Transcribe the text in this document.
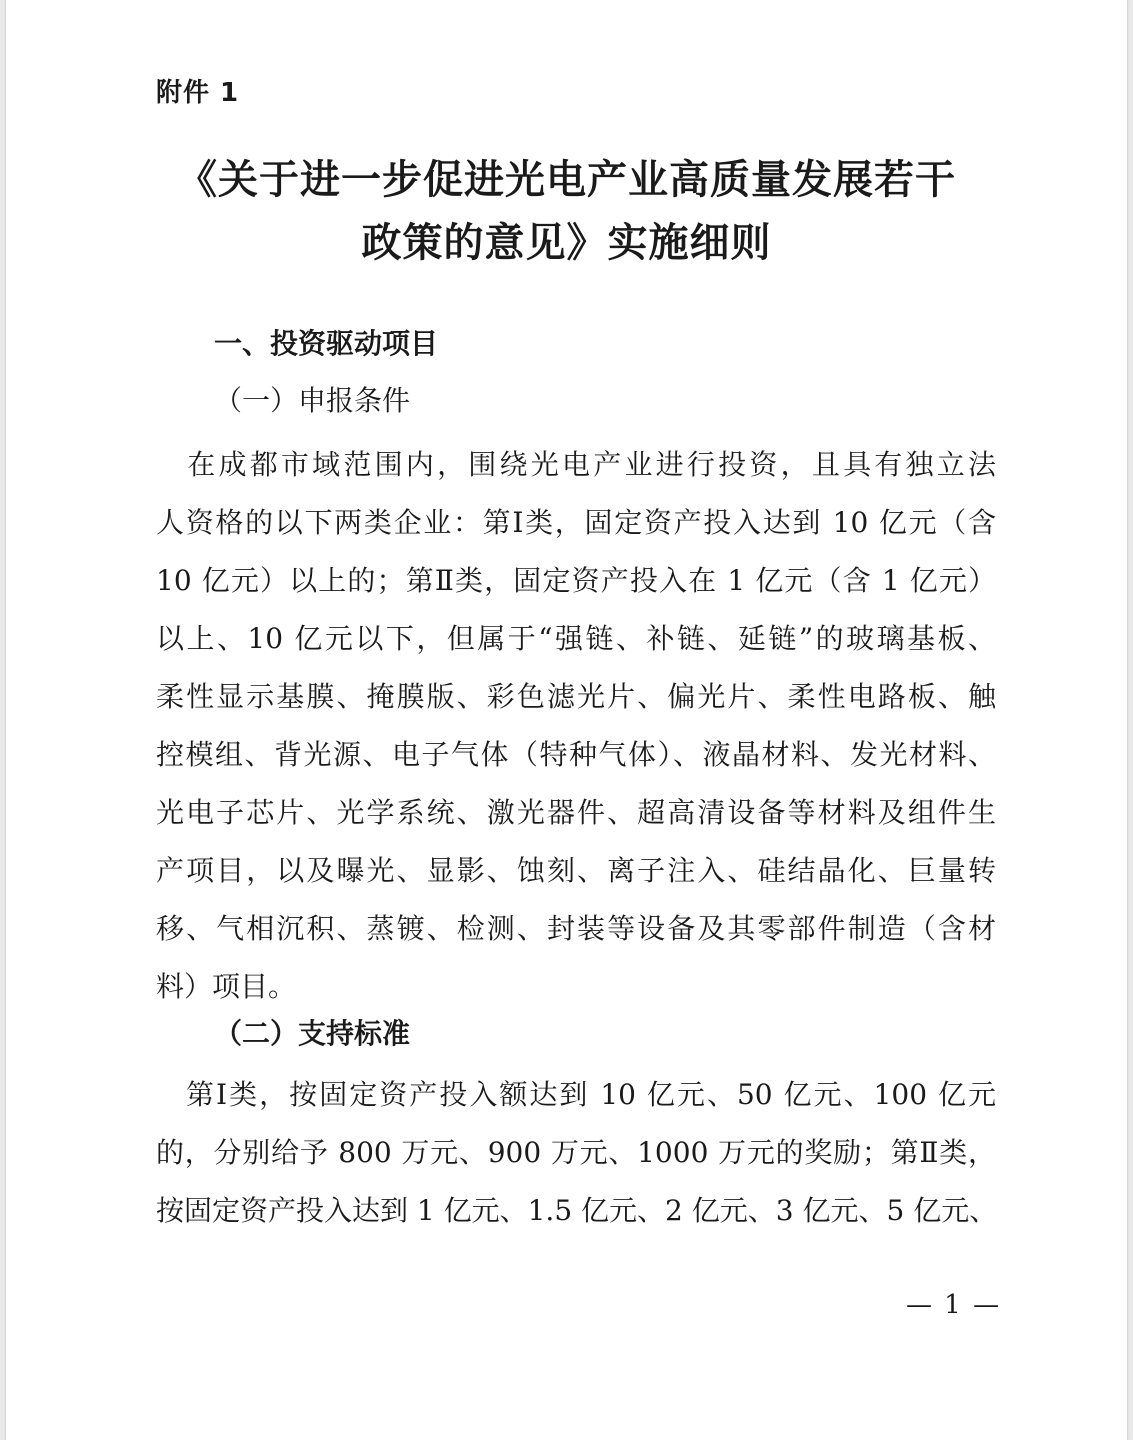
附件 1
《关于进一步促进光电产业高质量发展若干
政策的意见》实施细则
一、投资驱动项目
（一）申报条件
　在成都市域范围内，围绕光电产业进行投资，且具有独立法
人资格的以下两类企业：第Ⅰ类，固定资产投入达到 10 亿元（含
10 亿元）以上的；第Ⅱ类，固定资产投入在 1 亿元（含 1 亿元）
以上、10 亿元以下，但属于“强链、补链、延链”的玻璃基板、
柔性显示基膜、掩膜版、彩色滤光片、偏光片、柔性电路板、触
控模组、背光源、电子气体（特种气体）、液晶材料、发光材料、
光电子芯片、光学系统、激光器件、超高清设备等材料及组件生
产项目，以及曝光、显影、蚀刻、离子注入、硅结晶化、巨量转
移、气相沉积、蒸镀、检测、封装等设备及其零部件制造（含材
料）项目。
（二）支持标准
　第Ⅰ类，按固定资产投入额达到 10 亿元、50 亿元、100 亿元
的，分别给予 800 万元、900 万元、1000 万元的奖励；第Ⅱ类，
按固定资产投入达到 1 亿元、1.5 亿元、2 亿元、3 亿元、5 亿元、
— 1 —
